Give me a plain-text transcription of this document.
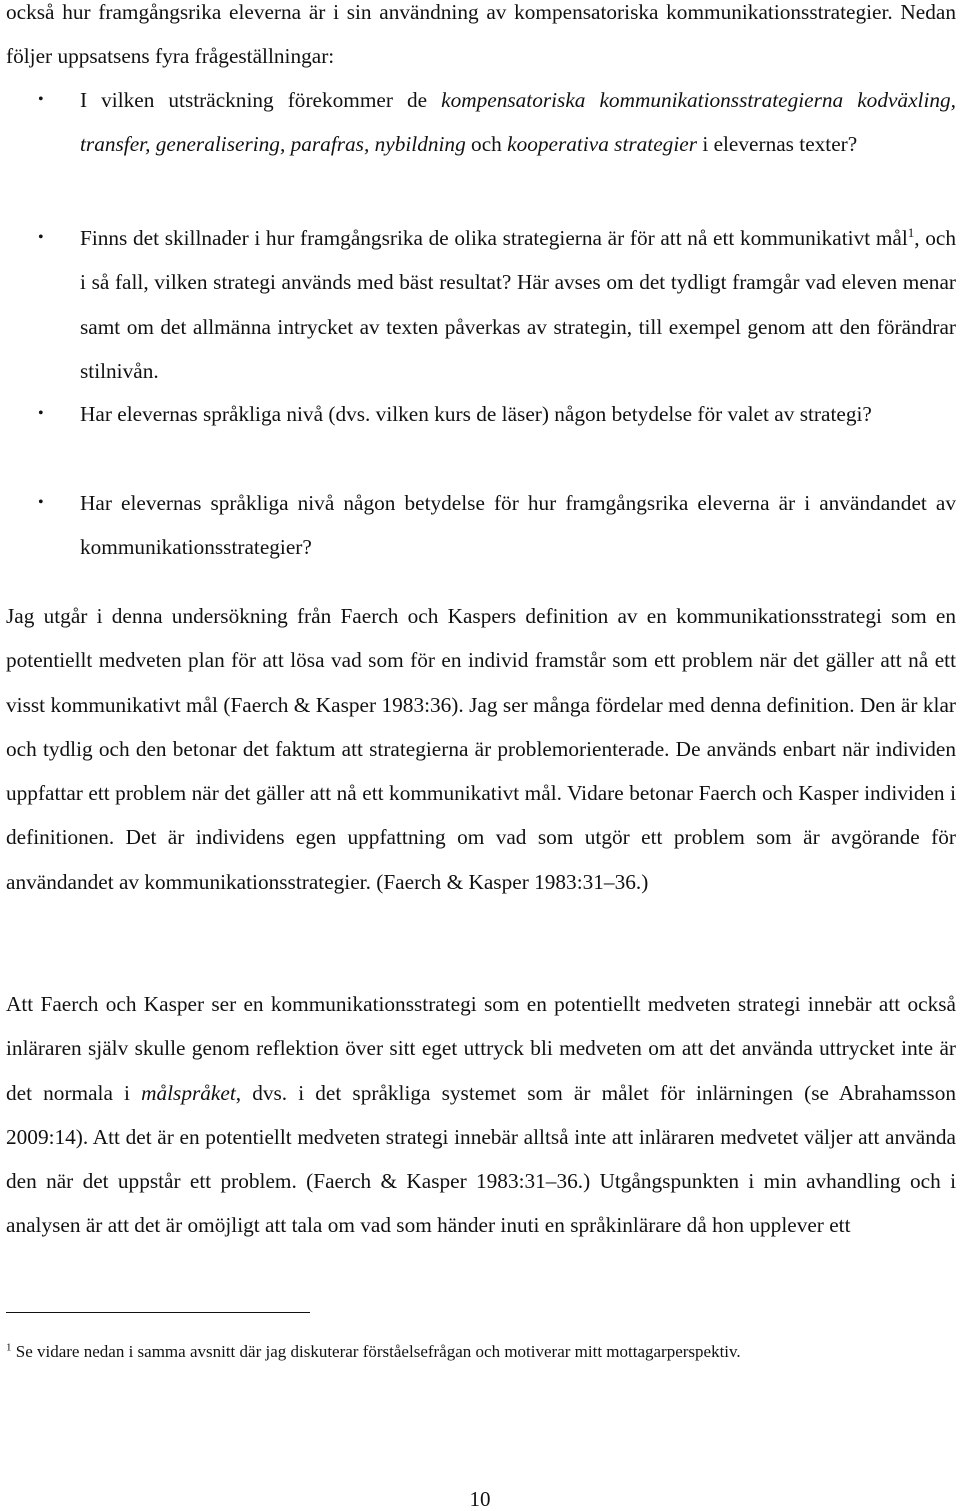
också hur framgångsrika eleverna är i sin användning av kompensatoriska kommunikationsstrategier. Nedan följer uppsatsens fyra frågeställningar:

• I vilken utsträckning förekommer de kompensatoriska kommunikationsstrategierna kodväxling, transfer, generalisering, parafras, nybildning och kooperativa strategier i elevernas texter?
• Finns det skillnader i hur framgångsrika de olika strategierna är för att nå ett kommunikativt mål$^1$, och i så fall, vilken strategi används med bäst resultat? Här avses om det tydligt framgår vad eleven menar samt om det allmänna intrycket av texten påverkas av strategin, till exempel genom att den förändrar stilnivån.
• Har elevernas språkliga nivå (dvs. vilken kurs de läser) någon betydelse för valet av strategi?
• Har elevernas språkliga nivå någon betydelse för hur framgångsrika eleverna är i användandet av kommunikationsstrategier?

Jag utgår i denna undersökning från Faerch och Kaspers definition av en kommunikationsstrategi som en potentiellt medveten plan för att lösa vad som för en individ framstår som ett problem när det gäller att nå ett visst kommunikativt mål (Faerch & Kasper 1983:36). Jag ser många fördelar med denna definition. Den är klar och tydlig och den betonar det faktum att strategierna är problemorienterade. De används enbart när individen uppfattar ett problem när det gäller att nå ett kommunikativt mål. Vidare betonar Faerch och Kasper individen i definitionen. Det är individens egen uppfattning om vad som utgör ett problem som är avgörande för användandet av kommunikationsstrategier. (Faerch & Kasper 1983:31–36.)

Att Faerch och Kasper ser en kommunikationsstrategi som en potentiellt medveten strategi innebär att också inläraren själv skulle genom reflektion över sitt eget uttryck bli medveten om att det använda uttrycket inte är det normala i målspråket, dvs. i det språkliga systemet som är målet för inlärningen (se Abrahamsson 2009:14). Att det är en potentiellt medveten strategi innebär alltså inte att inläraren medvetet väljer att använda den när det uppstår ett problem. (Faerch & Kasper 1983:31–36.) Utgångspunkten i min avhandling och i analysen är att det är omöjligt att tala om vad som händer inuti en språkinlärare då hon upplever ett

$^1$ Se vidare nedan i samma avsnitt där jag diskuterar förståelsefrågan och motiverar mitt mottagarperspektiv.
10
